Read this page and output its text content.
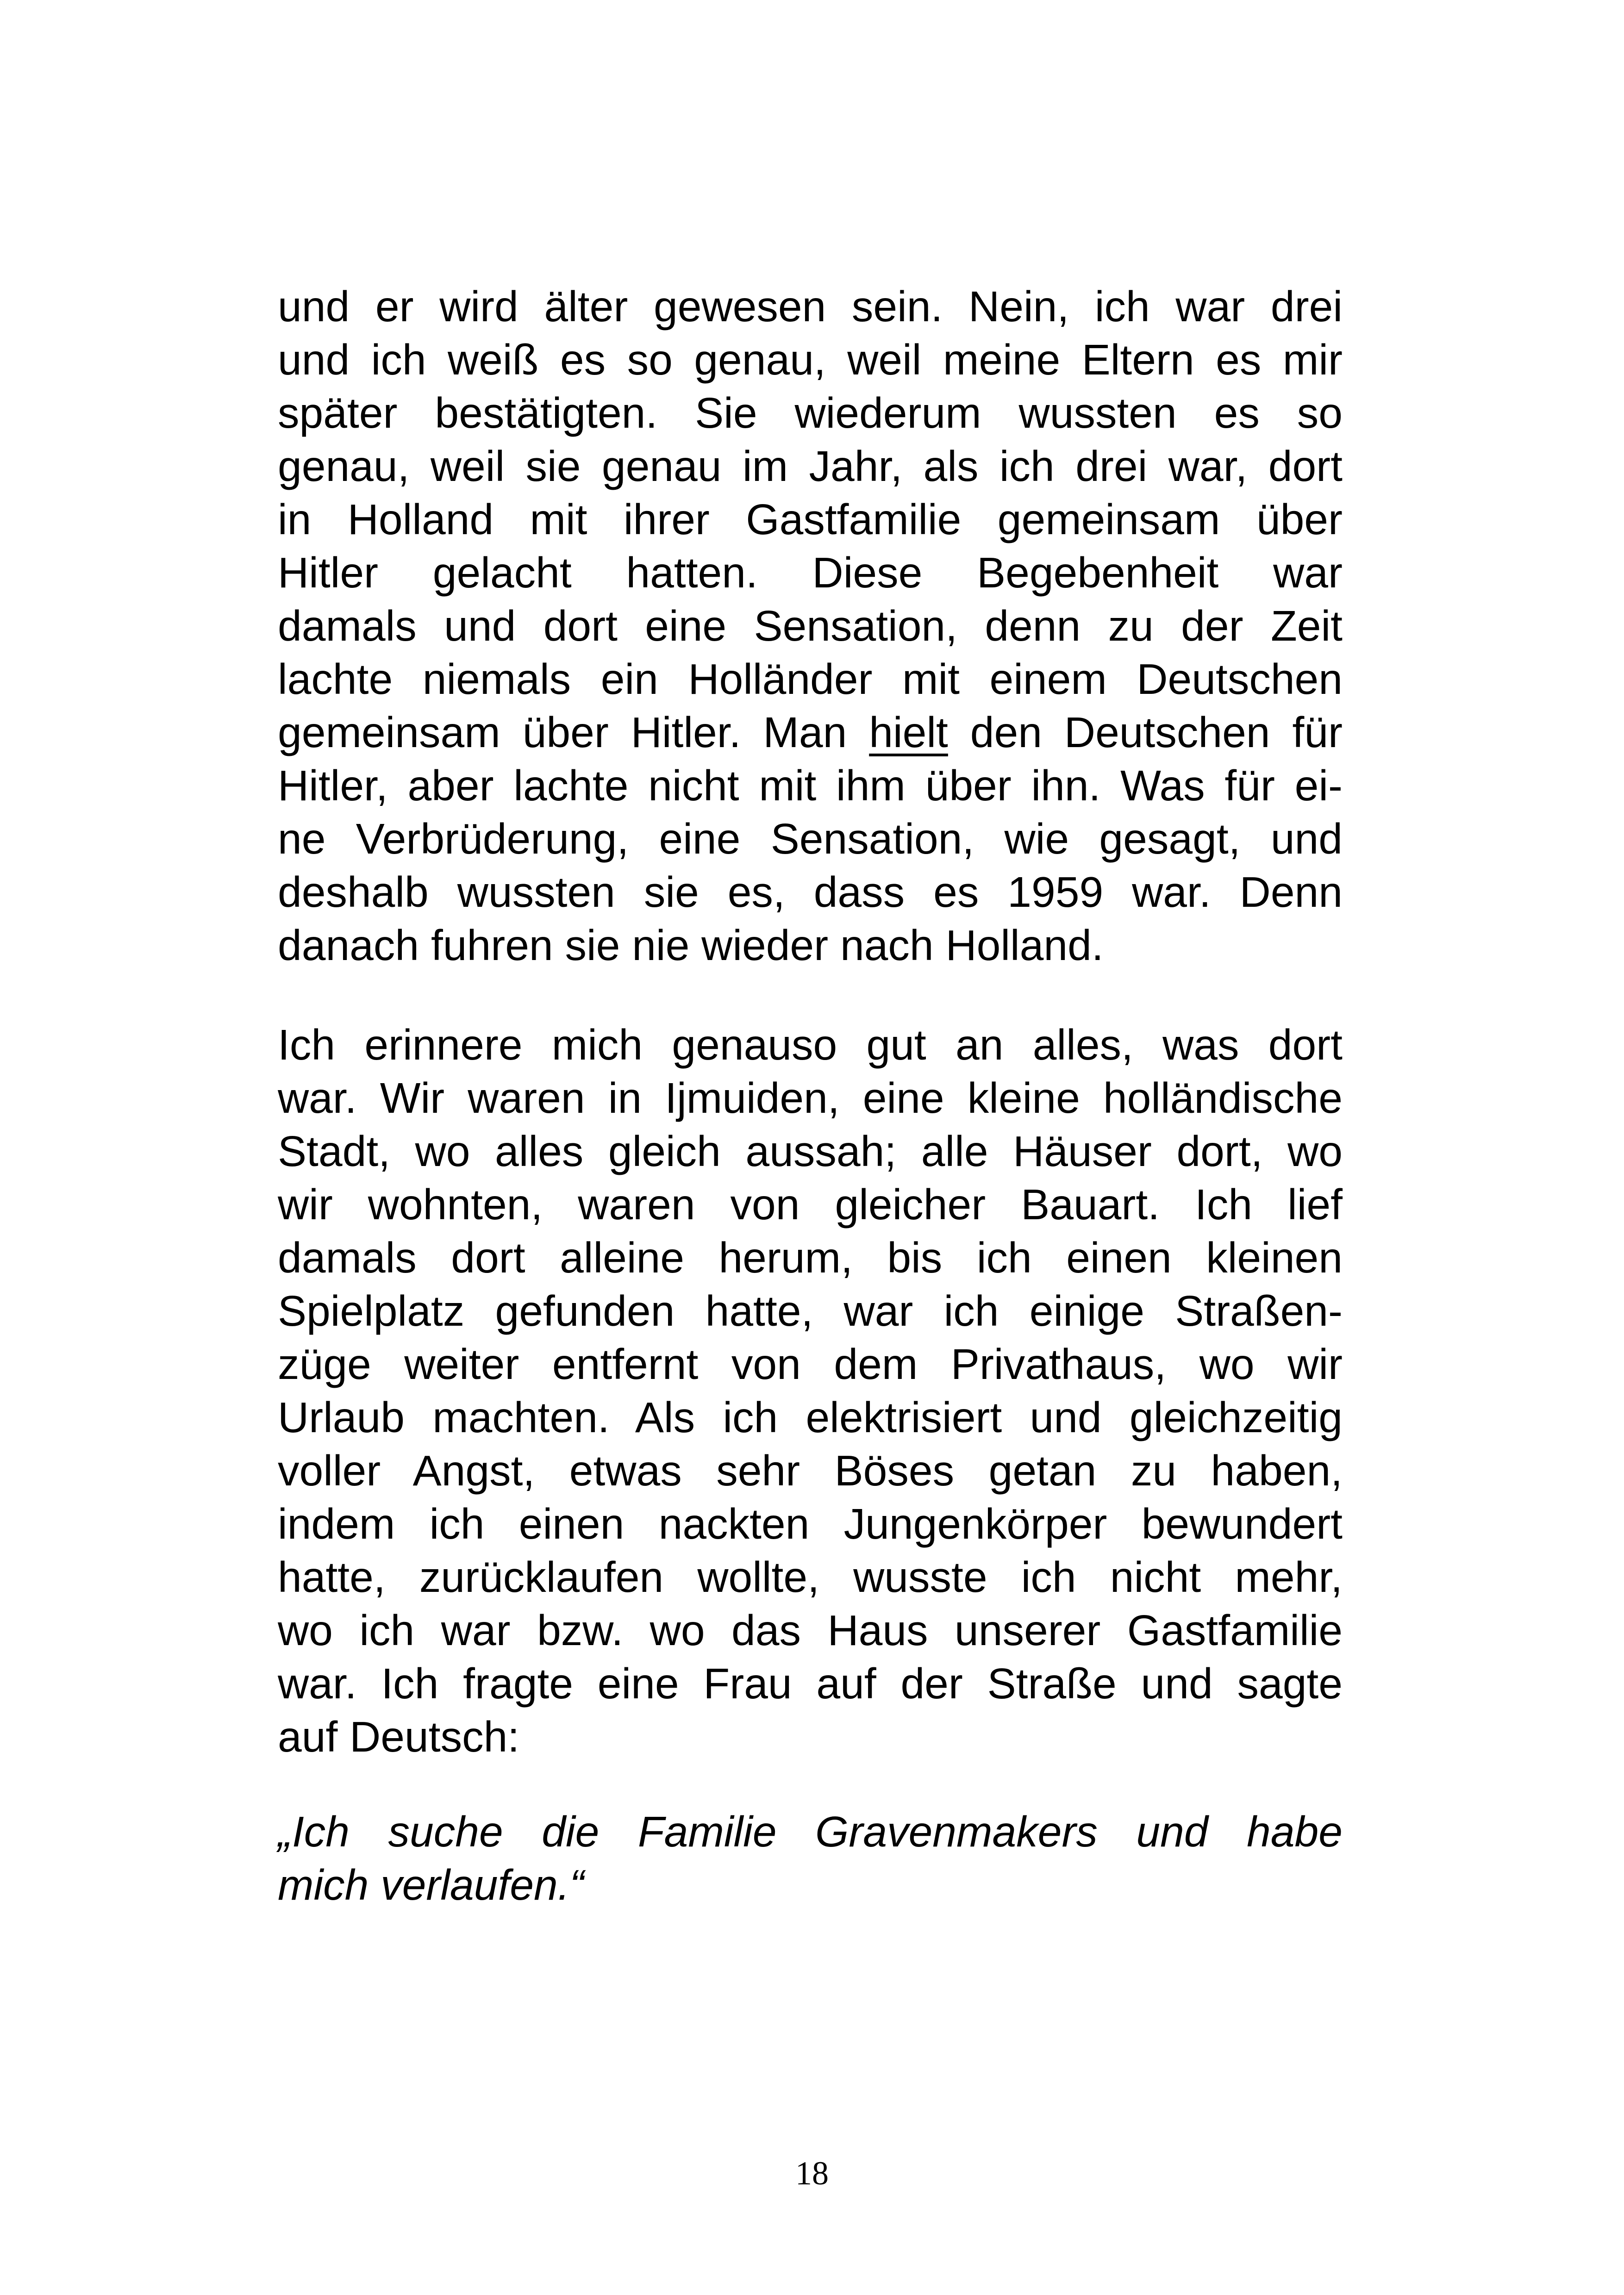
und er wird älter gewesen sein. Nein, ich war drei
und ich weiß es so genau, weil meine Eltern es mir
später bestätigten. Sie wiederum wussten es so
genau, weil sie genau im Jahr, als ich drei war, dort
in Holland mit ihrer Gastfamilie gemeinsam über
Hitler gelacht hatten. Diese Begebenheit war
damals und dort eine Sensation, denn zu der Zeit
lachte niemals ein Holländer mit einem Deutschen
gemeinsam über Hitler. Man hielt den Deutschen für
Hitler, aber lachte nicht mit ihm über ihn. Was für ei-
ne Verbrüderung, eine Sensation, wie gesagt, und
deshalb wussten sie es, dass es 1959 war. Denn
danach fuhren sie nie wieder nach Holland.
Ich erinnere mich genauso gut an alles, was dort
war. Wir waren in Ijmuiden, eine kleine holländische
Stadt, wo alles gleich aussah; alle Häuser dort, wo
wir wohnten, waren von gleicher Bauart. Ich lief
damals dort alleine herum, bis ich einen kleinen
Spielplatz gefunden hatte, war ich einige Straßen-
züge weiter entfernt von dem Privathaus, wo wir
Urlaub machten. Als ich elektrisiert und gleichzeitig
voller Angst, etwas sehr Böses getan zu haben,
indem ich einen nackten Jungenkörper bewundert
hatte, zurücklaufen wollte, wusste ich nicht mehr,
wo ich war bzw. wo das Haus unserer Gastfamilie
war. Ich fragte eine Frau auf der Straße und sagte
auf Deutsch:
„Ich suche die Familie Gravenmakers und habe
mich verlaufen.“
18
